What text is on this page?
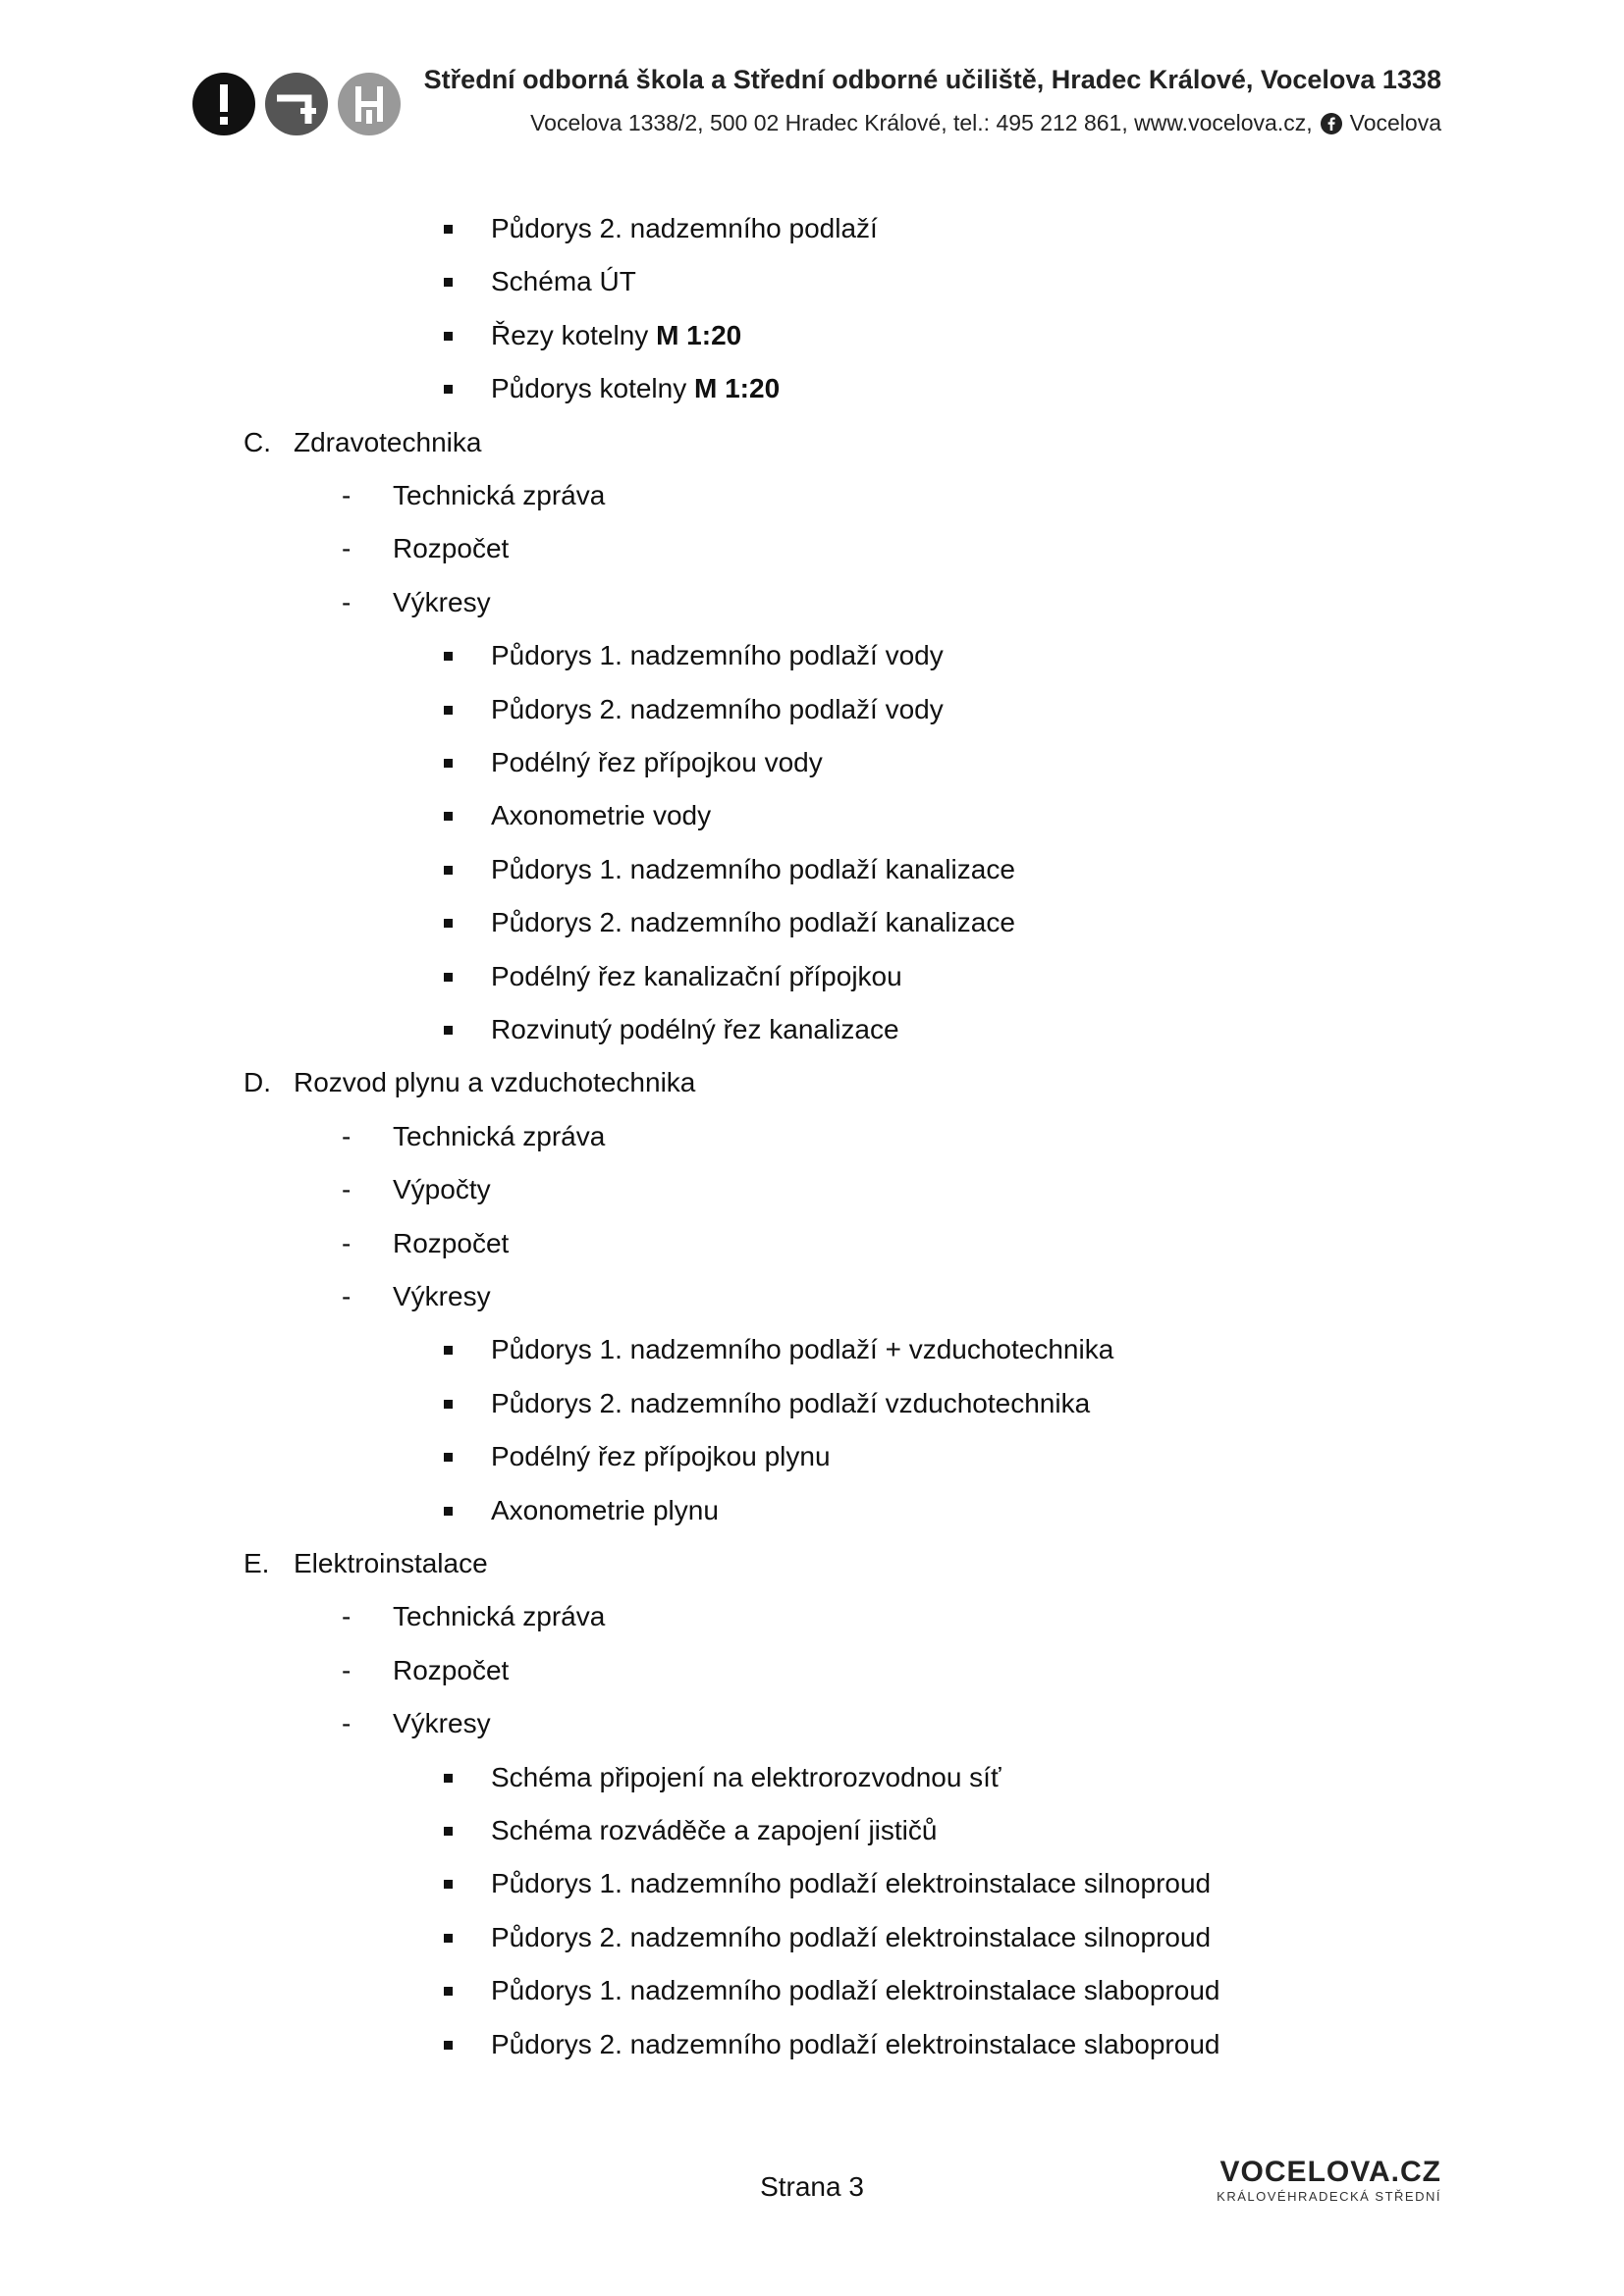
Střední odborná škola a Střední odborné učiliště, Hradec Králové, Vocelova 1338
Vocelova 1338/2, 500 02 Hradec Králové, tel.: 495 212 861, www.vocelova.cz, Vocelova
Půdorys 2. nadzemního podlaží
Schéma ÚT
Řezy kotelny M 1:20
Půdorys kotelny M 1:20
C. Zdravotechnika
- Technická zpráva
- Rozpočet
- Výkresy
Půdorys 1. nadzemního podlaží vody
Půdorys 2. nadzemního podlaží vody
Podélný řez přípojkou vody
Axonometrie vody
Půdorys 1. nadzemního podlaží kanalizace
Půdorys 2. nadzemního podlaží kanalizace
Podélný řez kanalizační přípojkou
Rozvinutý podélný řez kanalizace
D. Rozvod plynu a vzduchotechnika
- Technická zpráva
- Výpočty
- Rozpočet
- Výkresy
Půdorys 1. nadzemního podlaží + vzduchotechnika
Půdorys 2. nadzemního podlaží vzduchotechnika
Podélný řez přípojkou plynu
Axonometrie plynu
E. Elektroinstalace
- Technická zpráva
- Rozpočet
- Výkresy
Schéma připojení na elektrorozvodnou síť
Schéma rozváděče a zapojení jističů
Půdorys 1. nadzemního podlaží elektroinstalace silnoproud
Půdorys 2. nadzemního podlaží elektroinstalace silnoproud
Půdorys 1. nadzemního podlaží elektroinstalace slaboproud
Půdorys 2. nadzemního podlaží elektroinstalace slaboproud
Strana 3	VOCELOVA.CZ
KRÁLOVÉHRADECKÁ STŘEDNÍ
